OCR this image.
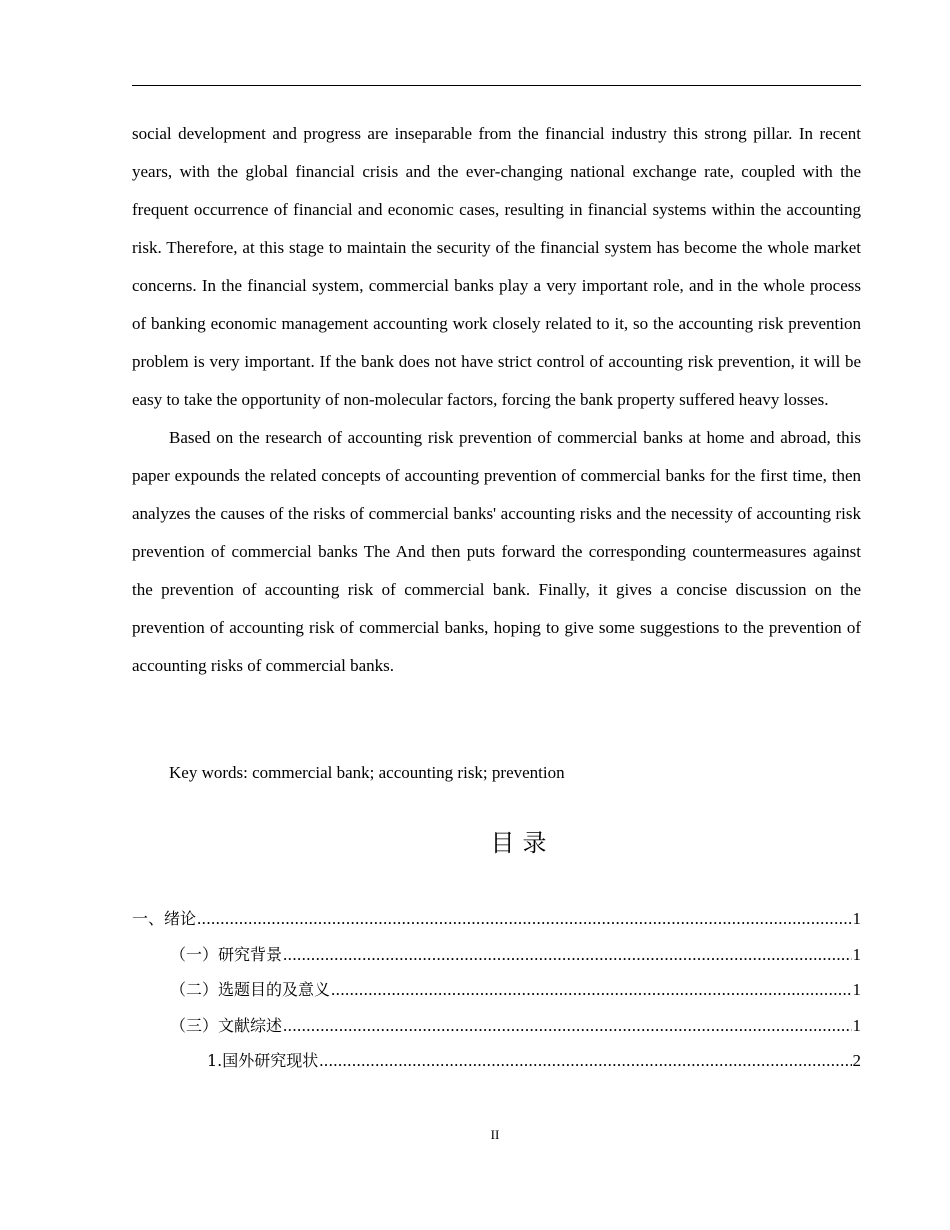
social development and progress are inseparable from the financial industry this strong pillar. In recent years, with the global financial crisis and the ever-changing national exchange rate, coupled with the frequent occurrence of financial and economic cases, resulting in financial systems within the accounting risk. Therefore, at this stage to maintain the security of the financial system has become the whole market concerns. In the financial system, commercial banks play a very important role, and in the whole process of banking economic management accounting work closely related to it, so the accounting risk prevention problem is very important. If the bank does not have strict control of accounting risk prevention, it will be easy to take the opportunity of non-molecular factors, forcing the bank property suffered heavy losses.

Based on the research of accounting risk prevention of commercial banks at home and abroad, this paper expounds the related concepts of accounting prevention of commercial banks for the first time, then analyzes the causes of the risks of commercial banks' accounting risks and the necessity of accounting risk prevention of commercial banks The And then puts forward the corresponding countermeasures against the prevention of accounting risk of commercial bank. Finally, it gives a concise discussion on the prevention of accounting risk of commercial banks, hoping to give some suggestions to the prevention of accounting risks of commercial banks.

Key words: commercial bank; accounting risk; prevention
目录
一、绪论 .....	1
（一）研究背景 .....	1
（二）选题目的及意义 .....	1
（三）文献综述 .....	1
1.国外研究现状 .....	2
II
